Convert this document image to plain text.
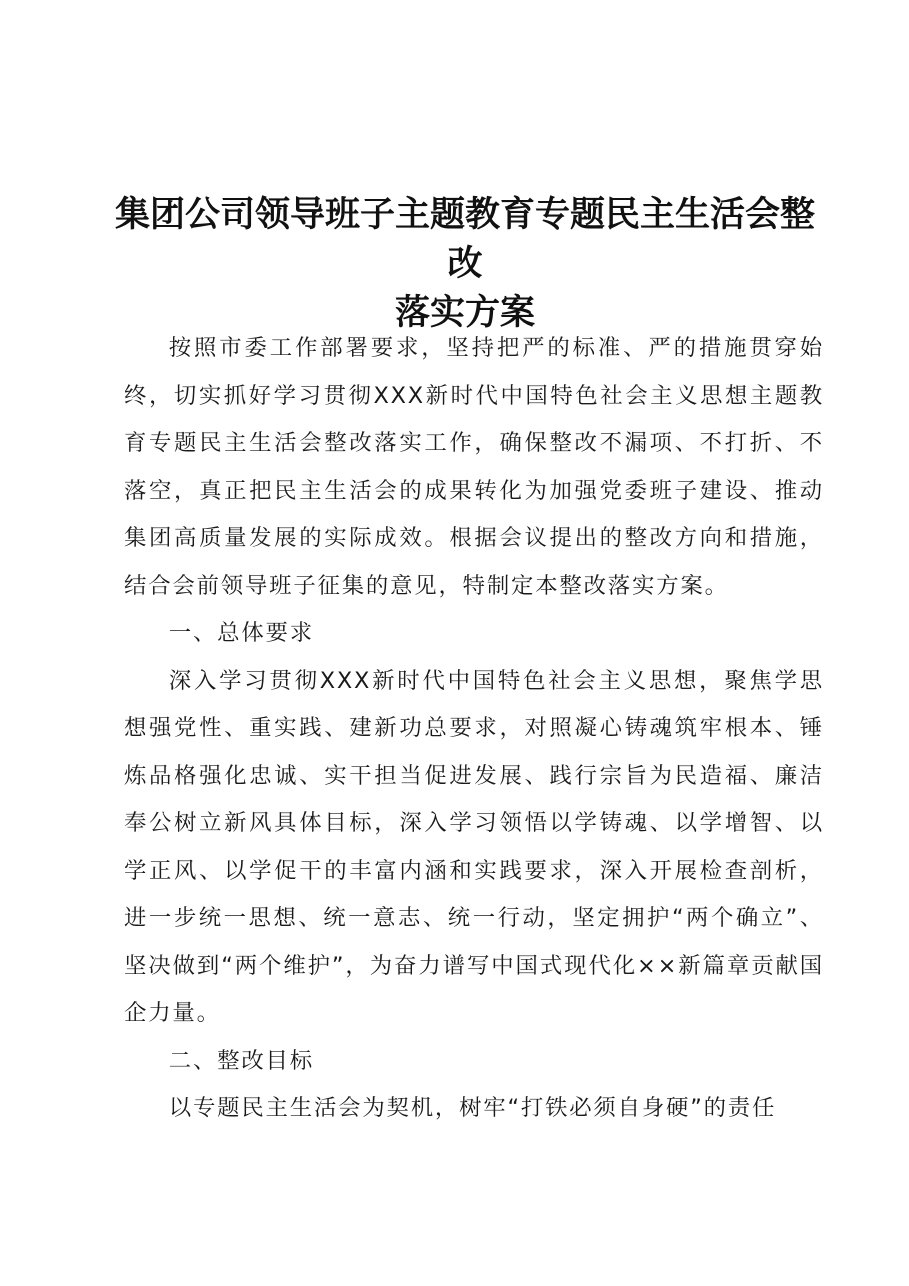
集团公司领导班子主题教育专题民主生活会整改
落实方案

按照市委工作部署要求，坚持把严的标准、严的措施贯穿始终，切实抓好学习贯彻XXX新时代中国特色社会主义思想主题教育专题民主生活会整改落实工作，确保整改不漏项、不打折、不落空，真正把民主生活会的成果转化为加强党委班子建设、推动集团高质量发展的实际成效。根据会议提出的整改方向和措施，结合会前领导班子征集的意见，特制定本整改落实方案。

一、总体要求

深入学习贯彻XXX新时代中国特色社会主义思想，聚焦学思想强党性、重实践、建新功总要求，对照凝心铸魂筑牢根本、锤炼品格强化忠诚、实干担当促进发展、践行宗旨为民造福、廉洁奉公树立新风具体目标，深入学习领悟以学铸魂、以学增智、以学正风、以学促干的丰富内涵和实践要求，深入开展检查剖析，进一步统一思想、统一意志、统一行动，坚定拥护“两个确立”、坚决做到“两个维护”，为奋力谱写中国式现代化××新篇章贡献国企力量。

二、整改目标

以专题民主生活会为契机，树牢“打铁必须自身硬”的责任
